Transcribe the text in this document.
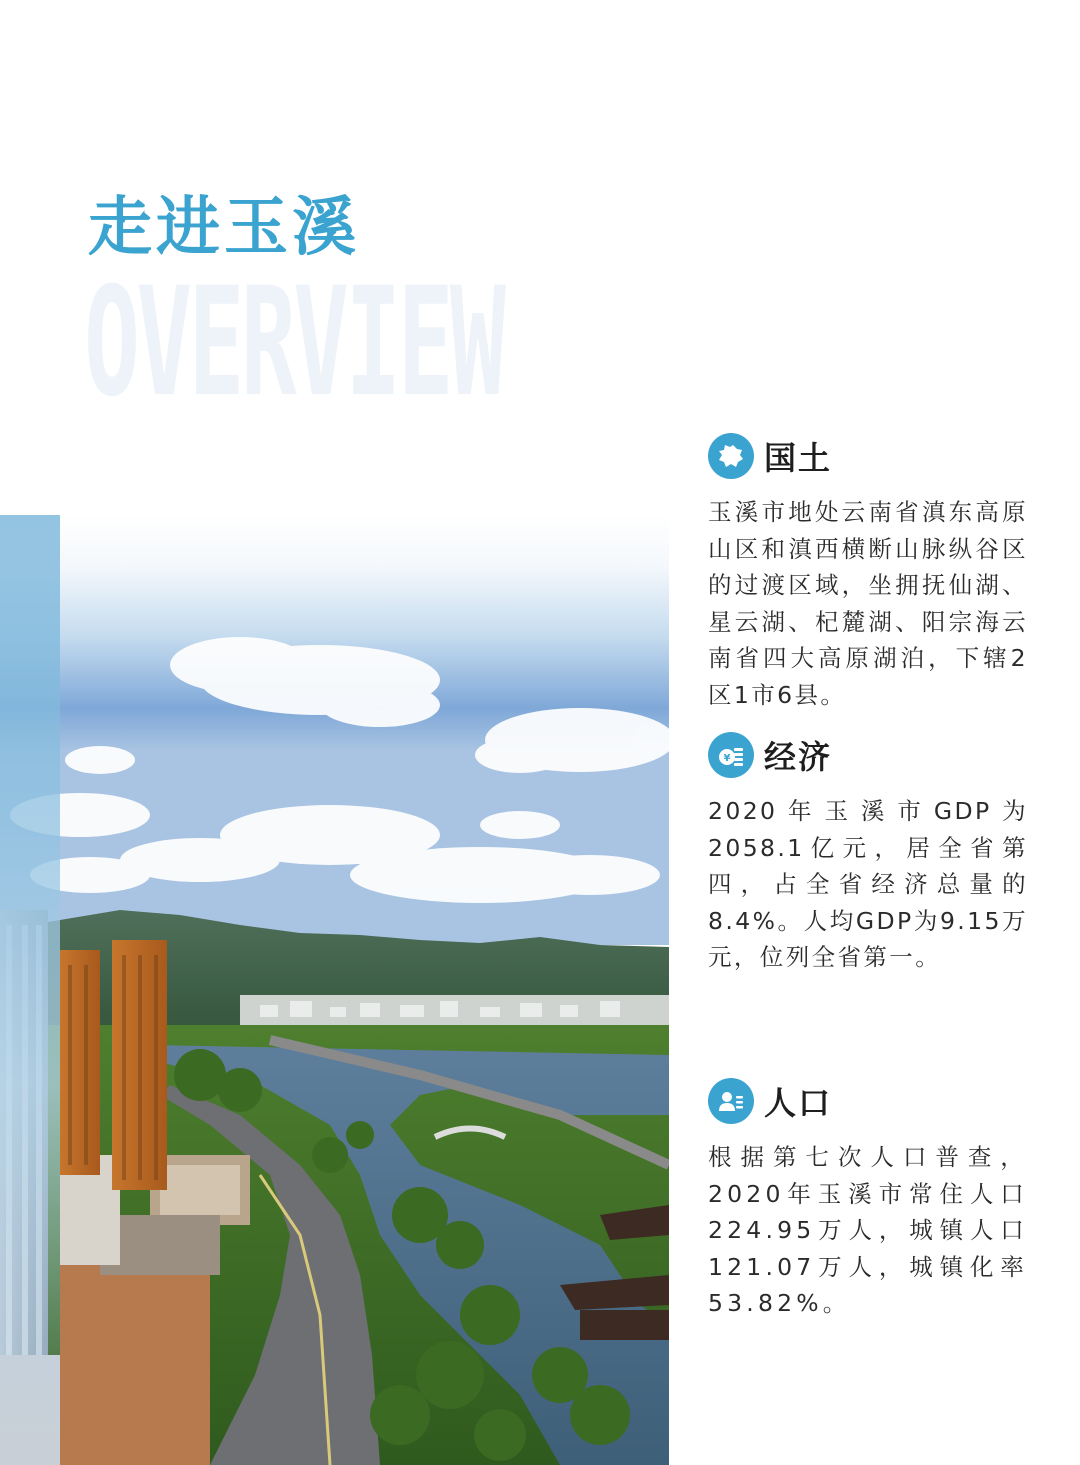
走进玉溪
OVERVIEW
国土
玉溪市地处云南省滇东高原山区和滇西横断山脉纵谷区的过渡区域，坐拥抚仙湖、星云湖、杞麓湖、阳宗海云南省四大高原湖泊，下辖2区1市6县。
¥ 经济
2020年玉溪市GDP为2058.1亿元，居全省第四，占全省经济总量的8.4%。人均GDP为9.15万元，位列全省第一。
人口
根据第七次人口普查，2020年玉溪市常住人口224.95万人，城镇人口121.07万人，城镇化率53.82%。
